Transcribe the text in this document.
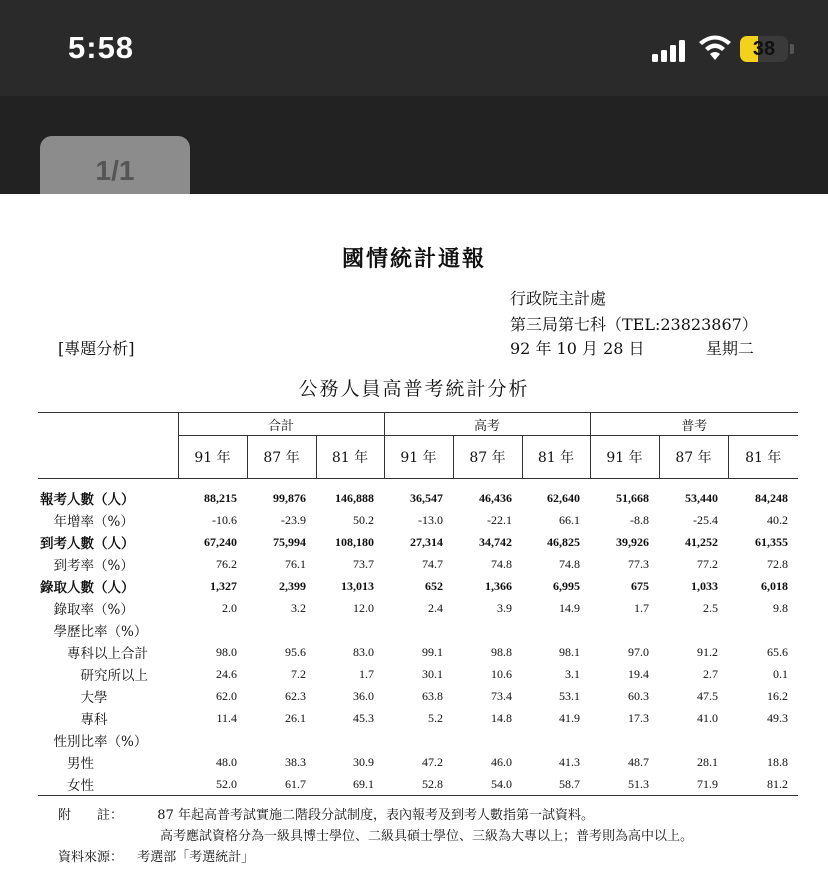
5:58	38
1/1
國情統計通報
行政院主計處
第三局第七科（TEL:23823867）
92 年 10 月 28 日	星期二
[專題分析]
公務人員高普考統計分析
	合計			高考			普考		
	91 年	87 年	81 年	91 年	87 年	81 年	91 年	87 年	81 年
報考人數（人）	88,215	99,876	146,888	36,547	46,436	62,640	51,668	53,440	84,248
　年增率（%）	-10.6	-23.9	50.2	-13.0	-22.1	66.1	-8.8	-25.4	40.2
到考人數（人）	67,240	75,994	108,180	27,314	34,742	46,825	39,926	41,252	61,355
　到考率（%）	76.2	76.1	73.7	74.7	74.8	74.8	77.3	77.2	72.8
錄取人數（人）	1,327	2,399	13,013	652	1,366	6,995	675	1,033	6,018
　錄取率（%）	2.0	3.2	12.0	2.4	3.9	14.9	1.7	2.5	9.8
　學歷比率（%）									
　　專科以上合計	98.0	95.6	83.0	99.1	98.8	98.1	97.0	91.2	65.6
　　　研究所以上	24.6	7.2	1.7	30.1	10.6	3.1	19.4	2.7	0.1
　　　大學	62.0	62.3	36.0	63.8	73.4	53.1	60.3	47.5	16.2
　　　專科	11.4	26.1	45.3	5.2	14.8	41.9	17.3	41.0	49.3
　性別比率（%）									
　　男性	48.0	38.3	30.9	47.2	46.0	41.3	48.7	28.1	18.8
　　女性	52.0	61.7	69.1	52.8	54.0	58.7	51.3	71.9	81.2
附　　註：	87 年起高普考試實施二階段分試制度，表內報考及到考人數指第一試資料。
高考應試資格分為一級具博士學位、二級具碩士學位、三級為大專以上；普考則為高中以上。
資料來源： 考選部「考選統計」
